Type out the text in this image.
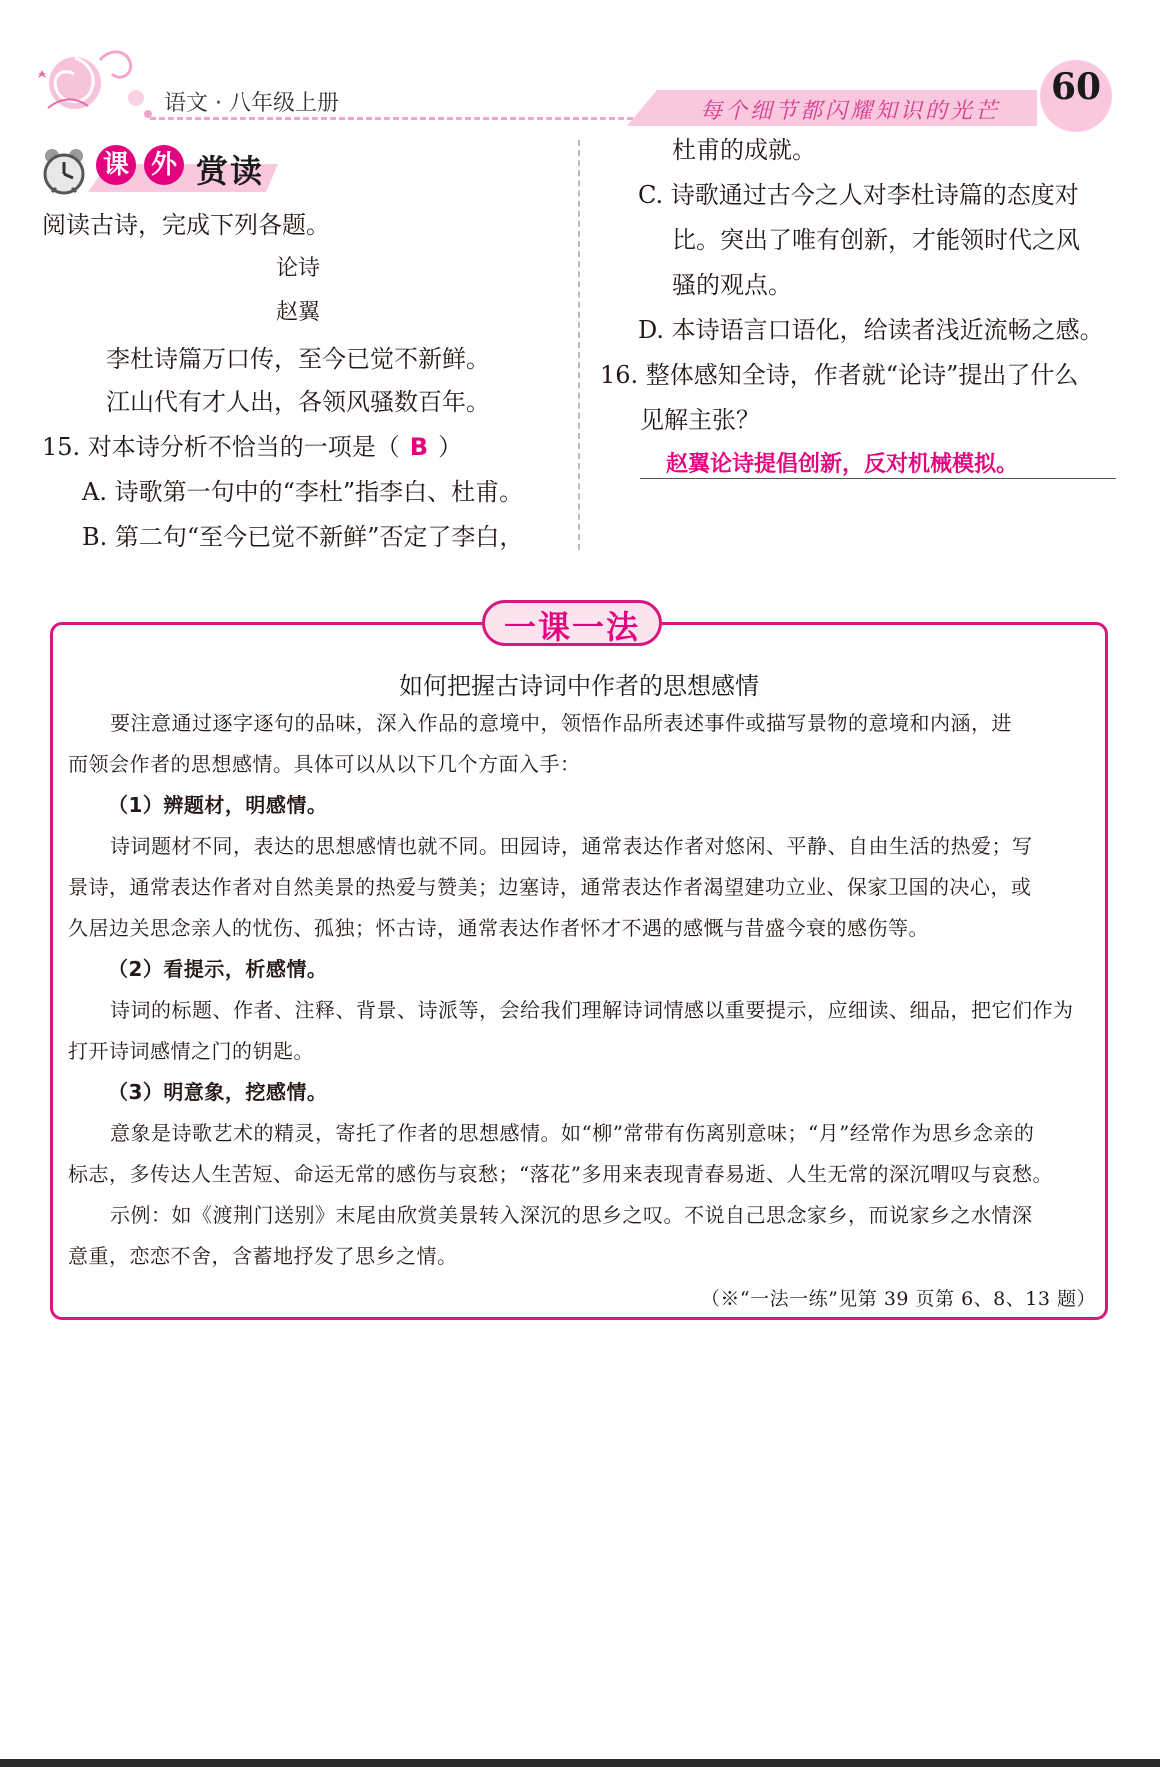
语文 · 八年级上册	每个细节都闪耀知识的光芒
60
课 外 赏读
阅读古诗，完成下列各题。
论诗
赵翼
李杜诗篇万口传，至今已觉不新鲜。
江山代有才人出，各领风骚数百年。
15. 对本诗分析不恰当的一项是（ B ）
A. 诗歌第一句中的“李杜”指李白、杜甫。
B. 第二句“至今已觉不新鲜”否定了李白，
杜甫的成就。
C. 诗歌通过古今之人对李杜诗篇的态度对
比。突出了唯有创新，才能领时代之风
骚的观点。
D. 本诗语言口语化，给读者浅近流畅之感。
16. 整体感知全诗，作者就“论诗”提出了什么
见解主张？
赵翼论诗提倡创新，反对机械模拟。
一课一法
如何把握古诗词中作者的思想感情
要注意通过逐字逐句的品味，深入作品的意境中，领悟作品所表述事件或描写景物的意境和内涵，进
而领会作者的思想感情。具体可以从以下几个方面入手：
（1）辨题材，明感情。
诗词题材不同，表达的思想感情也就不同。田园诗，通常表达作者对悠闲、平静、自由生活的热爱；写
景诗，通常表达作者对自然美景的热爱与赞美；边塞诗，通常表达作者渴望建功立业、保家卫国的决心，或
久居边关思念亲人的忧伤、孤独；怀古诗，通常表达作者怀才不遇的感慨与昔盛今衰的感伤等。
（2）看提示，析感情。
诗词的标题、作者、注释、背景、诗派等，会给我们理解诗词情感以重要提示，应细读、细品，把它们作为
打开诗词感情之门的钥匙。
（3）明意象，挖感情。
意象是诗歌艺术的精灵，寄托了作者的思想感情。如“柳”常带有伤离别意味；“月”经常作为思乡念亲的
标志，多传达人生苦短、命运无常的感伤与哀愁；“落花”多用来表现青春易逝、人生无常的深沉喟叹与哀愁。
示例：如《渡荆门送别》末尾由欣赏美景转入深沉的思乡之叹。不说自己思念家乡，而说家乡之水情深
意重，恋恋不舍，含蓄地抒发了思乡之情。
（※“一法一练”见第 39 页第 6、8、13 题）
